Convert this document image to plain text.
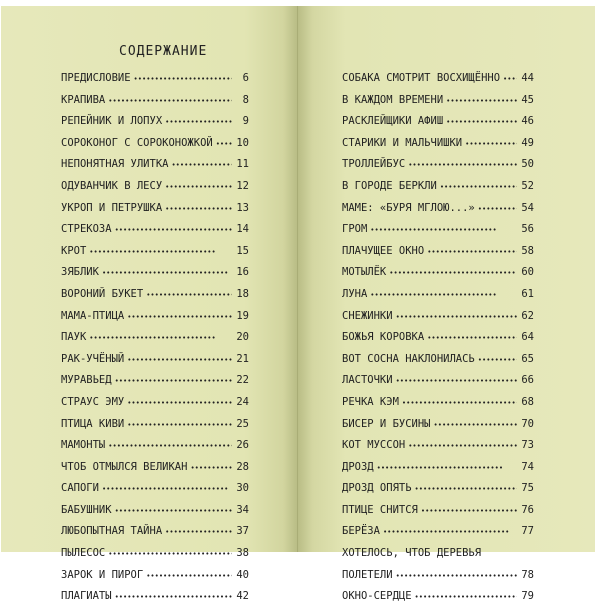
СОДЕРЖАНИЕ
ПРЕДИСЛОВИЕ •••••	6
КРАПИВА •••••	8
РЕПЕЙНИК И ЛОПУХ •••••	9
СОРОКОНОГ С СОРОКОНОЖКОЙ ••••• 10
НЕПОНЯТНАЯ УЛИТКА •••••	11
ОДУВАНЧИК В ЛЕСУ •••••	12
УКРОП И ПЕТРУШКА •••••	13
СТРЕКОЗА •••••	14
КРОТ •••••	15
ЗЯБЛИК •••••	16
ВОРОНИЙ БУКЕТ •••••	18
МАМА-ПТИЦА •••••	19
ПАУК •••••	20
РАК-УЧЁНЫЙ •••••	21
МУРАВЬЕД •••••	22
СТРАУС ЭМУ •••••	24
ПТИЦА КИВИ •••••	25
МАМОНТЫ •••••	26
ЧТОБ ОТМЫЛСЯ ВЕЛИКАН •••••	28
САПОГИ •••••	30
БАБУШНИК •••••	34
ЛЮБОПЫТНАЯ ТАЙНА •••••	37
ПЫЛЕСОС •••••	38
ЗАРОК И ПИРОГ •••••	40
ПЛАГИАТЫ •••••	42
СОБАКА СМОТРИТ ВОСХИЩЁННО ••••• 44
В КАЖДОМ ВРЕМЕНИ •••••	45
РАСКЛЕЙЩИКИ АФИШ •••••	46
СТАРИКИ И МАЛЬЧИШКИ •••••	49
ТРОЛЛЕЙБУС •••••	50
В ГОРОДЕ БЕРКЛИ •••••	52
МАМЕ: «БУРЯ МГЛОЮ...» •••••	54
ГРОМ •••••	56
ПЛАЧУЩЕЕ ОКНО •••••	58
МОТЫЛЁК •••••	60
ЛУНА •••••	61
СНЕЖИНКИ •••••	62
БОЖЬЯ КОРОВКА •••••	64
ВОТ СОСНА НАКЛОНИЛАСЬ •••••	65
ЛАСТОЧКИ •••••	66
РЕЧКА КЭМ •••••	68
БИСЕР И БУСИНЫ •••••	70
КОТ МУССОН •••••	73
ДРОЗД •••••	74
ДРОЗД ОПЯТЬ •••••	75
ПТИЦЕ СНИТСЯ •••••	76
БЕРЁЗА •••••	77
ХОТЕЛОСЬ, ЧТОБ ДЕРЕВЬЯ
ПОЛЕТЕЛИ •••••	78
ОКНО-СЕРДЦЕ •••••	79
